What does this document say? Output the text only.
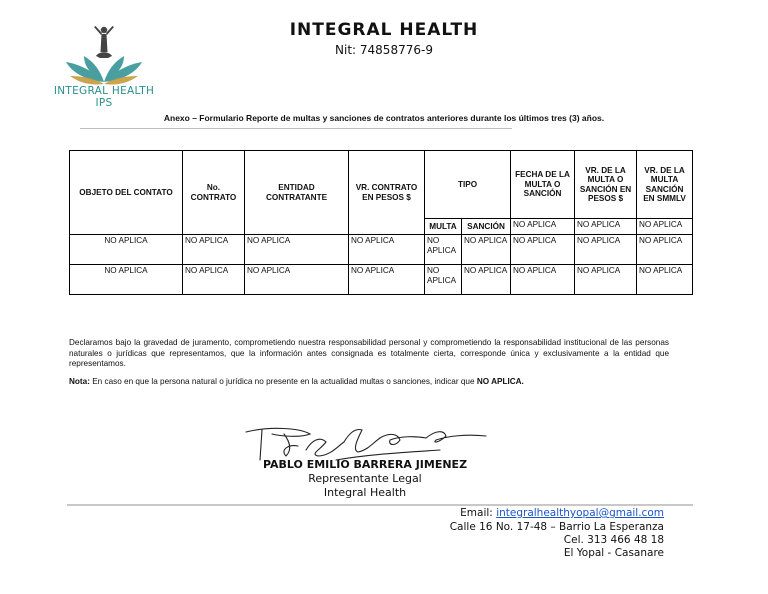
INTEGRAL HEALTH IPS
INTEGRAL HEALTH
Nit: 74858776-9
Anexo – Formulario Reporte de multas y sanciones de contratos anteriores durante los últimos tres (3) años.
OBJETO DEL CONTATO	No. CONTRATO	ENTIDAD CONTRATANTE	VR. CONTRATO EN PESOS $	TIPO		FECHA DE LA MULTA O SANCIÓN	VR. DE LA MULTA O SANCIÓN EN PESOS $	VR. DE LA MULTA SANCIÓN EN SMMLV
				MULTA	SANCIÓN	NO APLICA	NO APLICA	NO APLICA
NO APLICA	NO APLICA	NO APLICA	NO APLICA	NO APLICA	NO APLICA	NO APLICA	NO APLICA	NO APLICA
NO APLICA	NO APLICA	NO APLICA	NO APLICA	NO APLICA	NO APLICA	NO APLICA	NO APLICA	NO APLICA
Declaramos bajo la gravedad de juramento, comprometiendo nuestra responsabilidad personal y comprometiendo la responsabilidad institucional de las personas naturales o jurídicas que representamos, que la información antes consignada es totalmente cierta, corresponde única y exclusivamente a la entidad que representamos.
Nota: En caso en que la persona natural o jurídica no presente en la actualidad multas o sanciones, indicar que NO APLICA.
PABLO EMILIO BARRERA JIMENEZ
Representante Legal
Integral Health
Email: integralhealthyopal@gmail.com
Calle 16 No. 17-48 – Barrio La Esperanza
Cel. 313 466 48 18
El Yopal - Casanare
